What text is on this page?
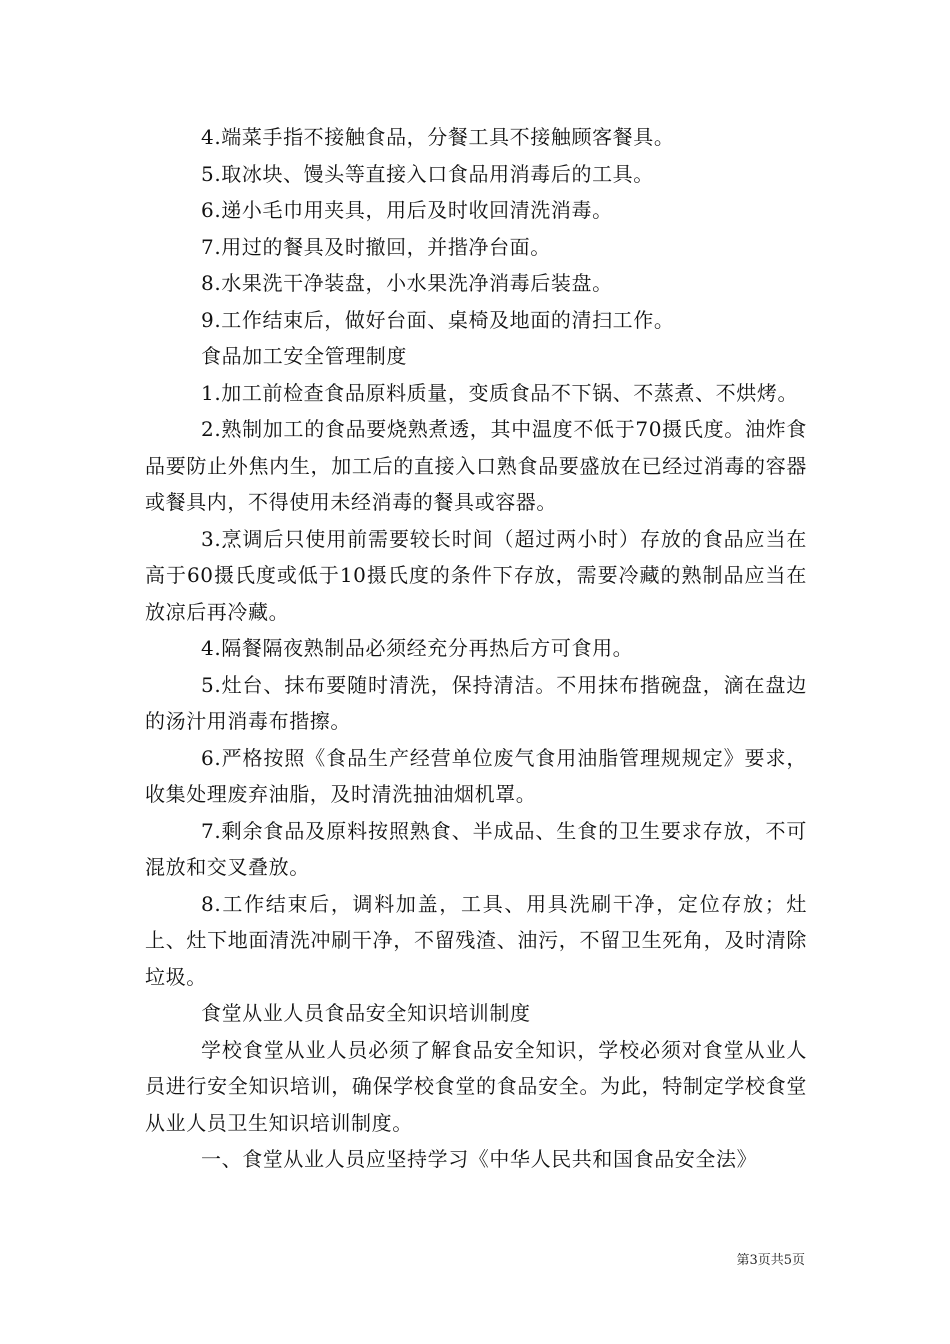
4.端菜手指不接触食品，分餐工具不接触顾客餐具。

5.取冰块、馒头等直接入口食品用消毒后的工具。

6.递小毛巾用夹具，用后及时收回清洗消毒。

7.用过的餐具及时撤回，并揩净台面。

8.水果洗干净装盘，小水果洗净消毒后装盘。

9.工作结束后，做好台面、桌椅及地面的清扫工作。

食品加工安全管理制度

1.加工前检查食品原料质量，变质食品不下锅、不蒸煮、不烘烤。

2.熟制加工的食品要烧熟煮透，其中温度不低于70摄氏度。油炸食品要防止外焦内生，加工后的直接入口熟食品要盛放在已经过消毒的容器或餐具内，不得使用未经消毒的餐具或容器。

3.烹调后只使用前需要较长时间（超过两小时）存放的食品应当在高于60摄氏度或低于10摄氏度的条件下存放，需要冷藏的熟制品应当在放凉后再冷藏。

4.隔餐隔夜熟制品必须经充分再热后方可食用。

5.灶台、抹布要随时清洗，保持清洁。不用抹布揩碗盘，滴在盘边的汤汁用消毒布揩擦。

6.严格按照《食品生产经营单位废气食用油脂管理规规定》要求，收集处理废弃油脂，及时清洗抽油烟机罩。

7.剩余食品及原料按照熟食、半成品、生食的卫生要求存放，不可混放和交叉叠放。

8.工作结束后，调料加盖，工具、用具洗刷干净，定位存放；灶上、灶下地面清洗冲刷干净，不留残渣、油污，不留卫生死角，及时清除垃圾。

食堂从业人员食品安全知识培训制度

学校食堂从业人员必须了解食品安全知识，学校必须对食堂从业人员进行安全知识培训，确保学校食堂的食品安全。为此，特制定学校食堂从业人员卫生知识培训制度。

一、食堂从业人员应坚持学习《中华人民共和国食品安全法》

第3页共5页
